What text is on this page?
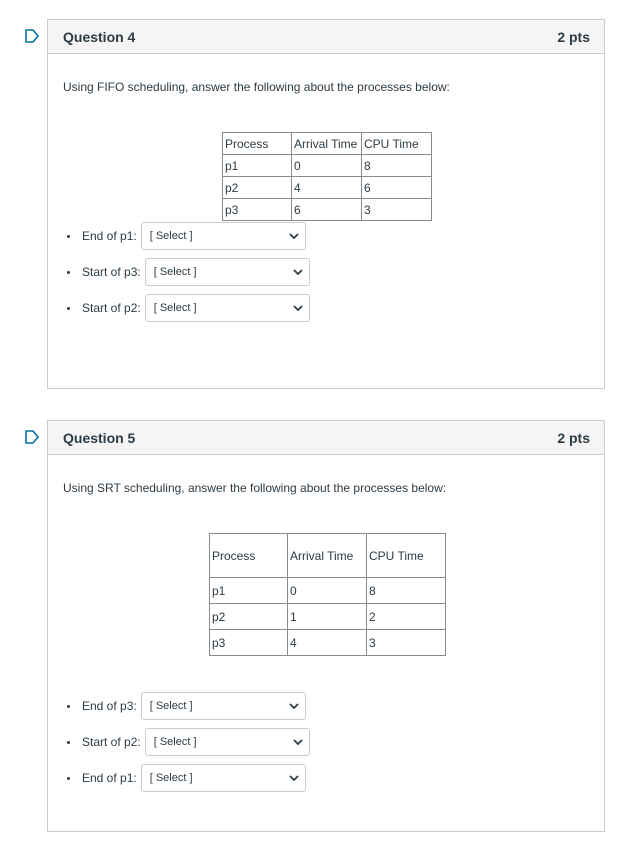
Question 4	2 pts
Using FIFO scheduling, answer the following about the processes below:
Process	Arrival Time	CPU Time
p1	0	8
p2	4	6
p3	6	3
End of p1: [ Select ]
Start of p3: [ Select ]
Start of p2: [ Select ]
Question 5	2 pts
Using SRT scheduling, answer the following about the processes below:
Process	Arrival Time	CPU Time
p1	0	8
p2	1	2
p3	4	3
End of p3: [ Select ]
Start of p2: [ Select ]
End of p1: [ Select ]
